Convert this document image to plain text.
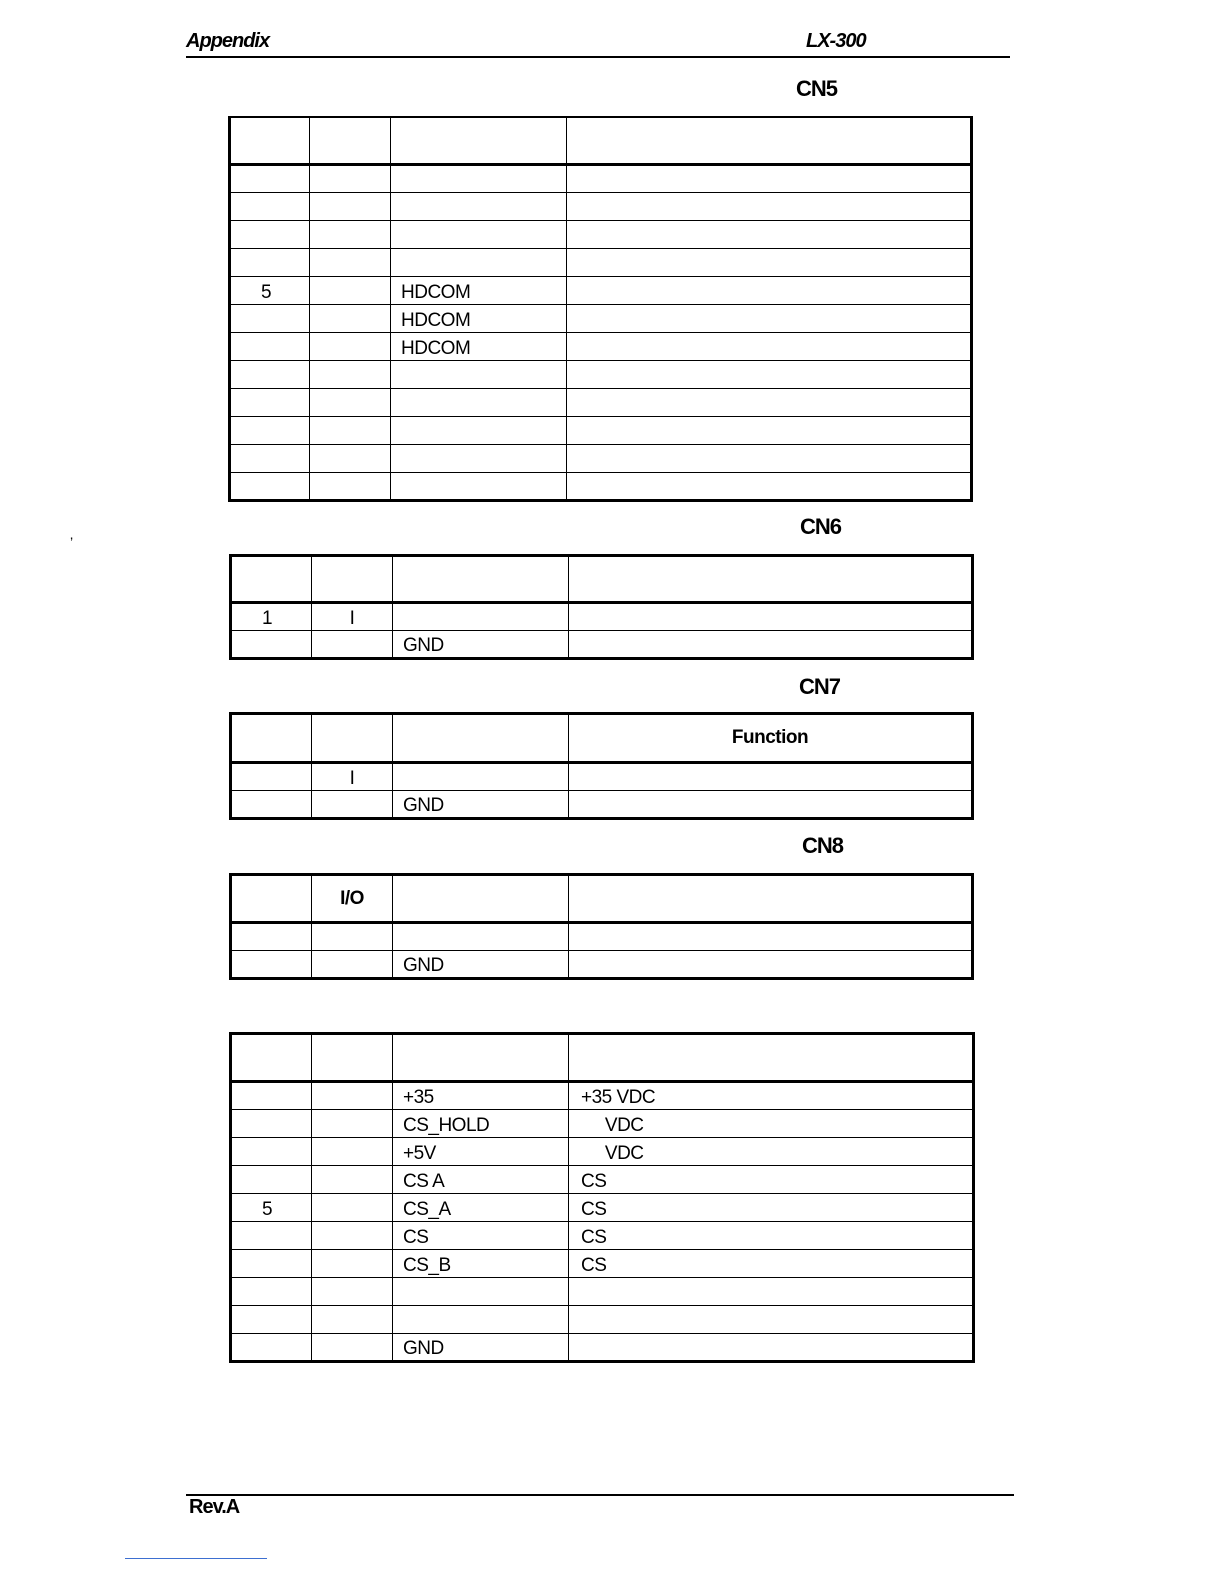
Appendix	LX-300
CN5

5		HDCOM	
		HDCOM	
		HDCOM	

’
CN6

1	I		
		GND	
CN7
			Function
	I		
		GND	
CN8
	I/O		

		GND	

		+35	+35 VDC
		CS_HOLD	VDC
		+5V	VDC
		CS A	CS
5		CS_A	CS
		CS	CS
		CS_B	CS

		GND	
Rev.A
